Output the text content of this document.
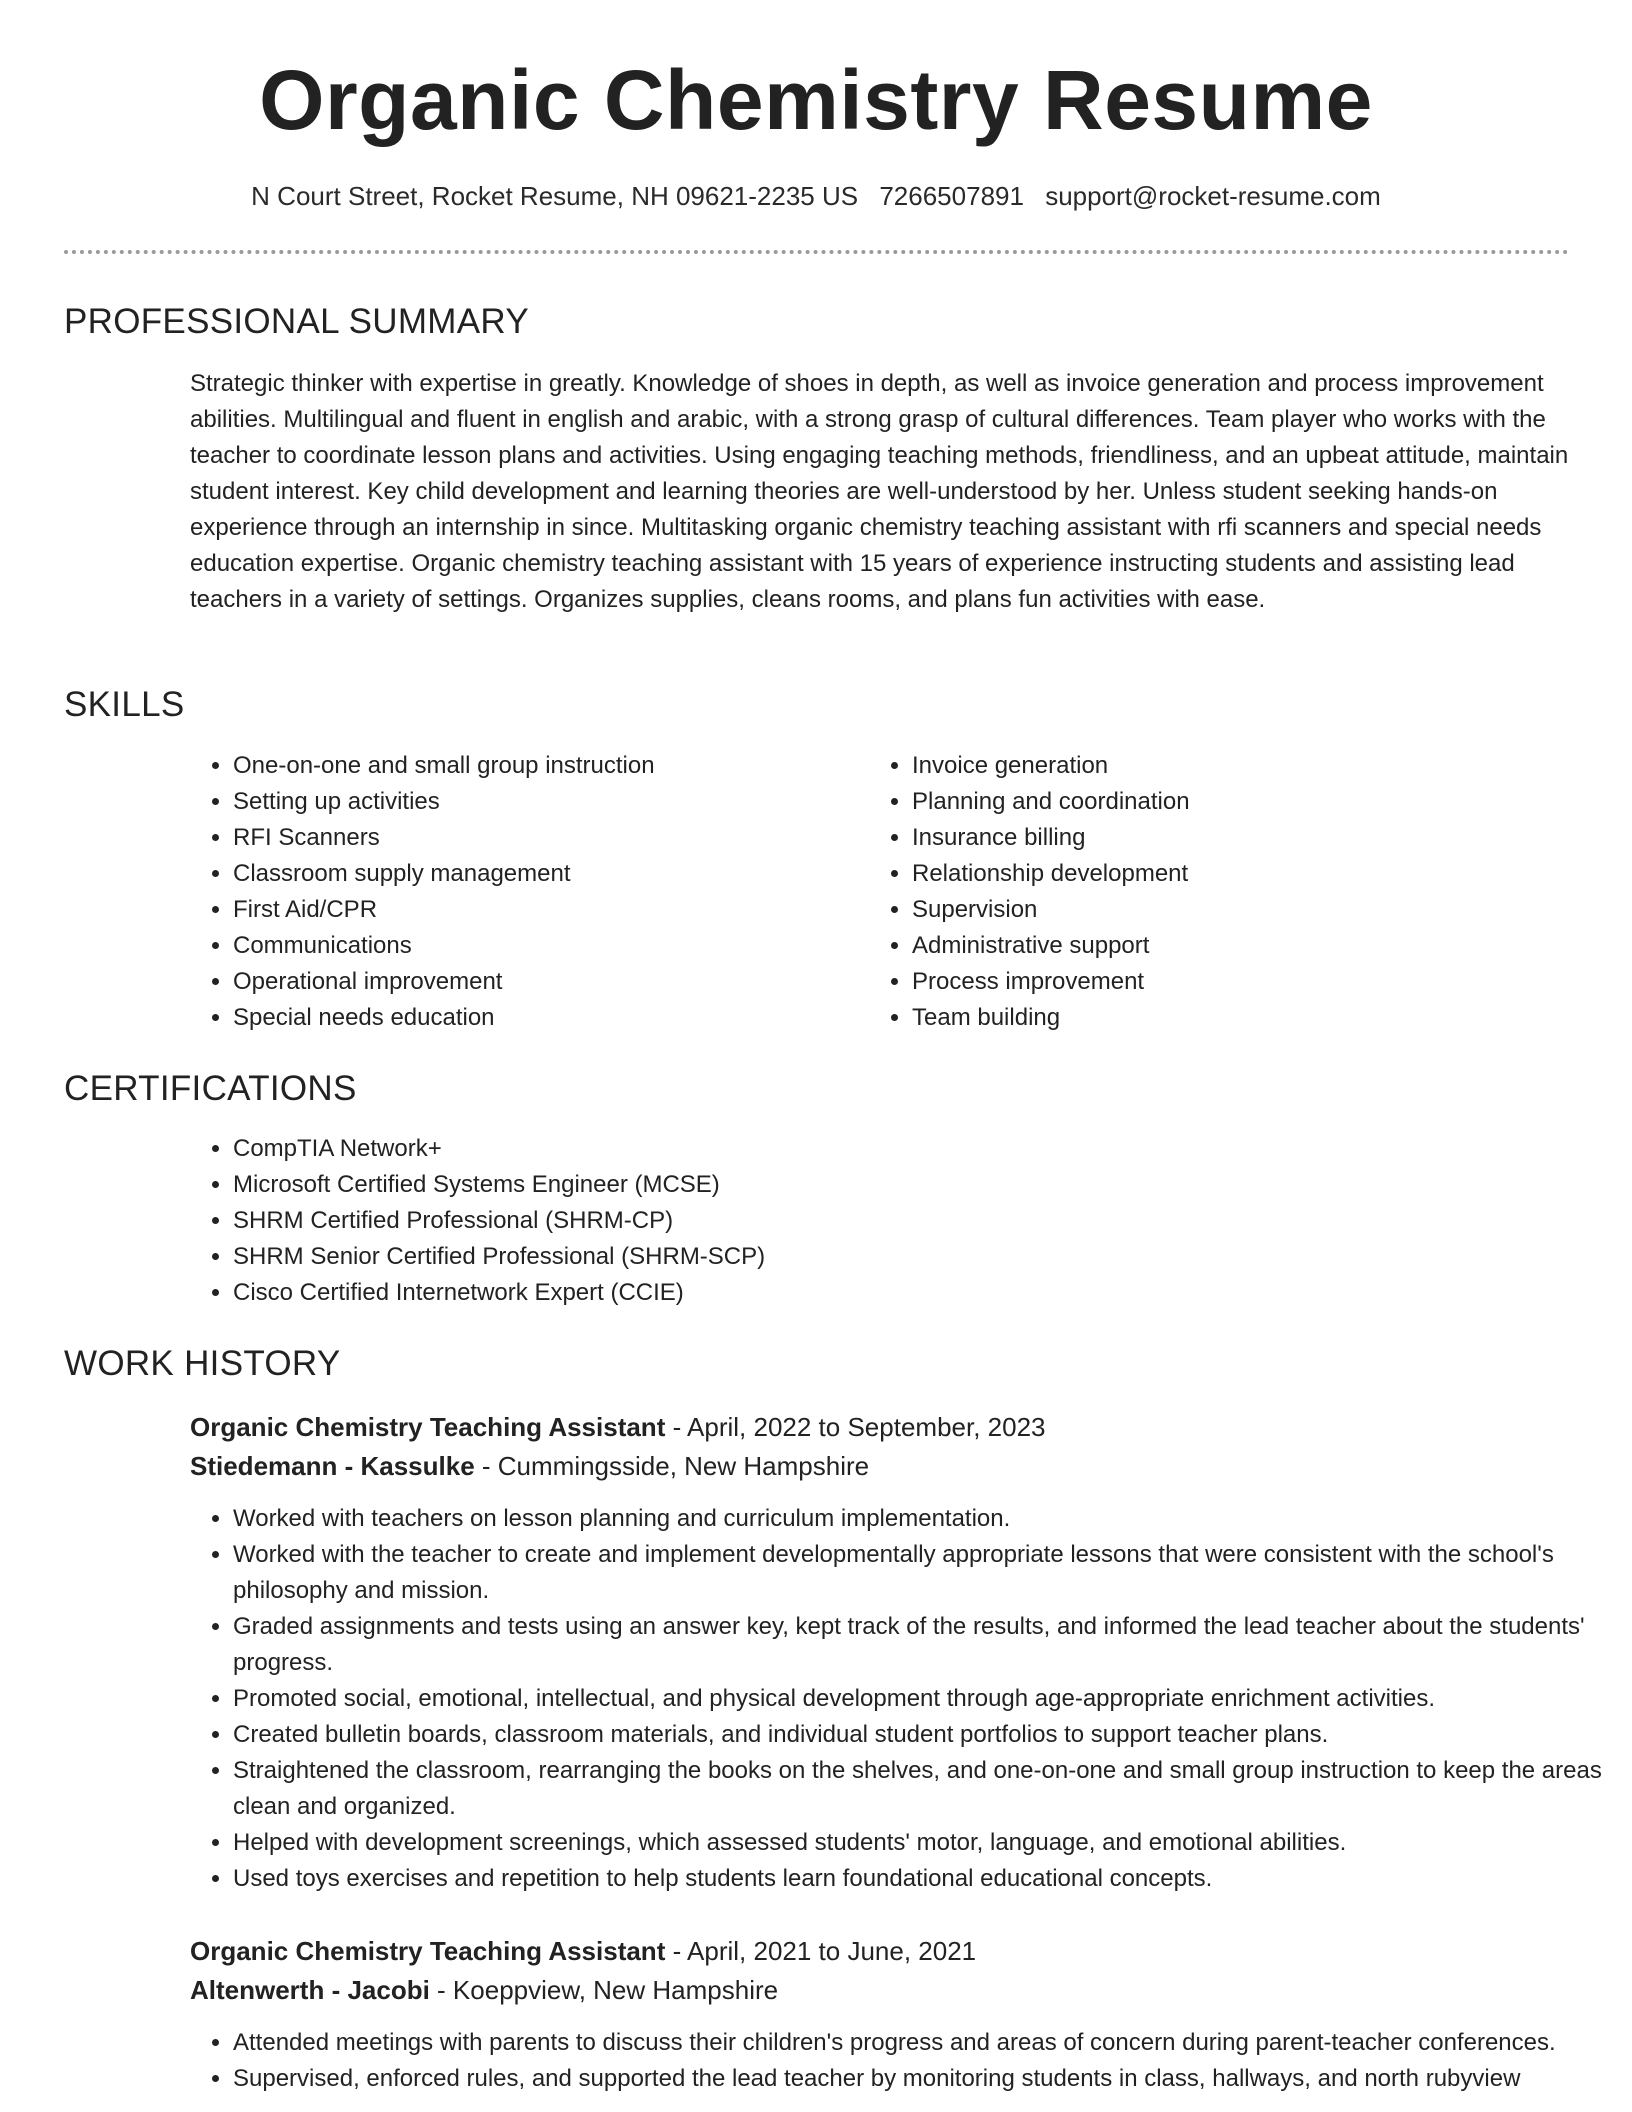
Organic Chemistry Resume
N Court Street, Rocket Resume, NH 09621-2235 US 7266507891 support@rocket-resume.com
PROFESSIONAL SUMMARY

Strategic thinker with expertise in greatly. Knowledge of shoes in depth, as well as invoice generation and process improvement abilities. Multilingual and fluent in english and arabic, with a strong grasp of cultural differences. Team player who works with the teacher to coordinate lesson plans and activities. Using engaging teaching methods, friendliness, and an upbeat attitude, maintain student interest. Key child development and learning theories are well-understood by her. Unless student seeking hands-on experience through an internship in since. Multitasking organic chemistry teaching assistant with rfi scanners and special needs education expertise. Organic chemistry teaching assistant with 15 years of experience instructing students and assisting lead teachers in a variety of settings. Organizes supplies, cleans rooms, and plans fun activities with ease.

SKILLS
• One-on-one and small group instruction
• Setting up activities
• RFI Scanners
• Classroom supply management
• First Aid/CPR
• Communications
• Operational improvement
• Special needs education
• Invoice generation
• Planning and coordination
• Insurance billing
• Relationship development
• Supervision
• Administrative support
• Process improvement
• Team building
CERTIFICATIONS
• CompTIA Network+
• Microsoft Certified Systems Engineer (MCSE)
• SHRM Certified Professional (SHRM-CP)
• SHRM Senior Certified Professional (SHRM-SCP)
• Cisco Certified Internetwork Expert (CCIE)
WORK HISTORY
Organic Chemistry Teaching Assistant - April, 2022 to September, 2023
Stiedemann - Kassulke - Cummingsside, New Hampshire
• Worked with teachers on lesson planning and curriculum implementation.
• Worked with the teacher to create and implement developmentally appropriate lessons that were consistent with the school's philosophy and mission.
• Graded assignments and tests using an answer key, kept track of the results, and informed the lead teacher about the students' progress.
• Promoted social, emotional, intellectual, and physical development through age-appropriate enrichment activities.
• Created bulletin boards, classroom materials, and individual student portfolios to support teacher plans.
• Straightened the classroom, rearranging the books on the shelves, and one-on-one and small group instruction to keep the areas clean and organized.
• Helped with development screenings, which assessed students' motor, language, and emotional abilities.
• Used toys exercises and repetition to help students learn foundational educational concepts.
Organic Chemistry Teaching Assistant - April, 2021 to June, 2021
Altenwerth - Jacobi - Koeppview, New Hampshire
• Attended meetings with parents to discuss their children's progress and areas of concern during parent-teacher conferences.
• Supervised, enforced rules, and supported the lead teacher by monitoring students in class, hallways, and north rubyview
